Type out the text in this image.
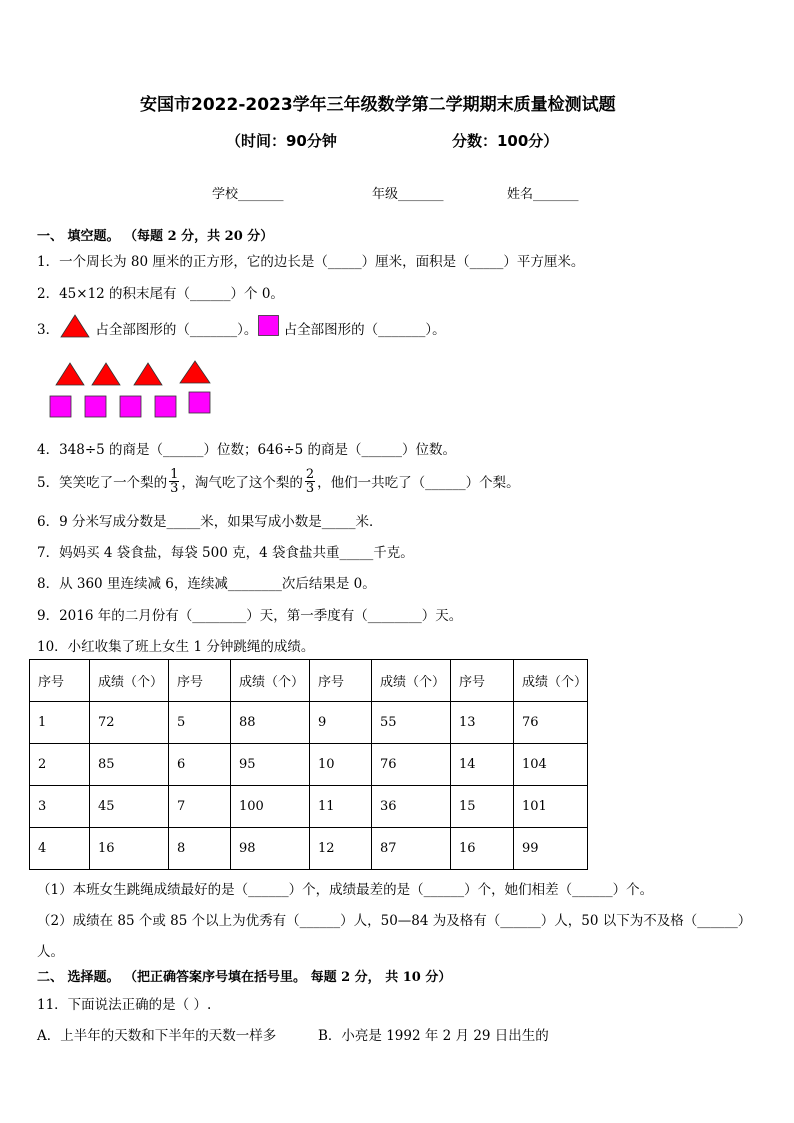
安国市2022-2023学年三年级数学第二学期期末质量检测试题
（时间：90分钟	分数：100分）
学校_______	年级_______	姓名_______
一、 填空题。 （每题 2 分，共 20 分）
1．一个周长为 80 厘米的正方形，它的边长是（_____）厘米，面积是（_____）平方厘米。
2．45×12 的积末尾有（______）个 0。
3．	占全部图形的（_______）。 占全部图形的（_______）。
4．348÷5 的商是（______）位数；646÷5 的商是（______）位数。
5．笑笑吃了一个梨的 $\frac{1}{3}$ ，淘气吃了这个梨的 $\frac{2}{3}$ ，他们一共吃了（______）个梨。
6．9 分米写成分数是_____米，如果写成小数是_____米．
7．妈妈买 4 袋食盐，每袋 500 克，4 袋食盐共重_____千克。
8．从 360 里连续减 6，连续减________次后结果是 0。
9．2016 年的二月份有（________）天，第一季度有（________）天。
10．小红收集了班上女生 1 分钟跳绳的成绩。
序号	成绩（个）	序号	成绩（个）	序号	成绩（个）	序号	成绩（个）
1	72	5	88	9	55	13	76
2	85	6	95	10	76	14	104
3	45	7	100	11	36	15	101
4	16	8	98	12	87	16	99
（1）本班女生跳绳成绩最好的是（______）个，成绩最差的是（______）个，她们相差（______）个。
（2）成绩在 85 个或 85 个以上为优秀有（______）人，50—84 为及格有（______）人，50 以下为不及格（______）
人。
二、 选择题。 （把正确答案序号填在括号里。 每题 2 分， 共 10 分）
11．下面说法正确的是（ ）.
A．上半年的天数和下半年的天数一样多	B．小亮是 1992 年 2 月 29 日出生的
